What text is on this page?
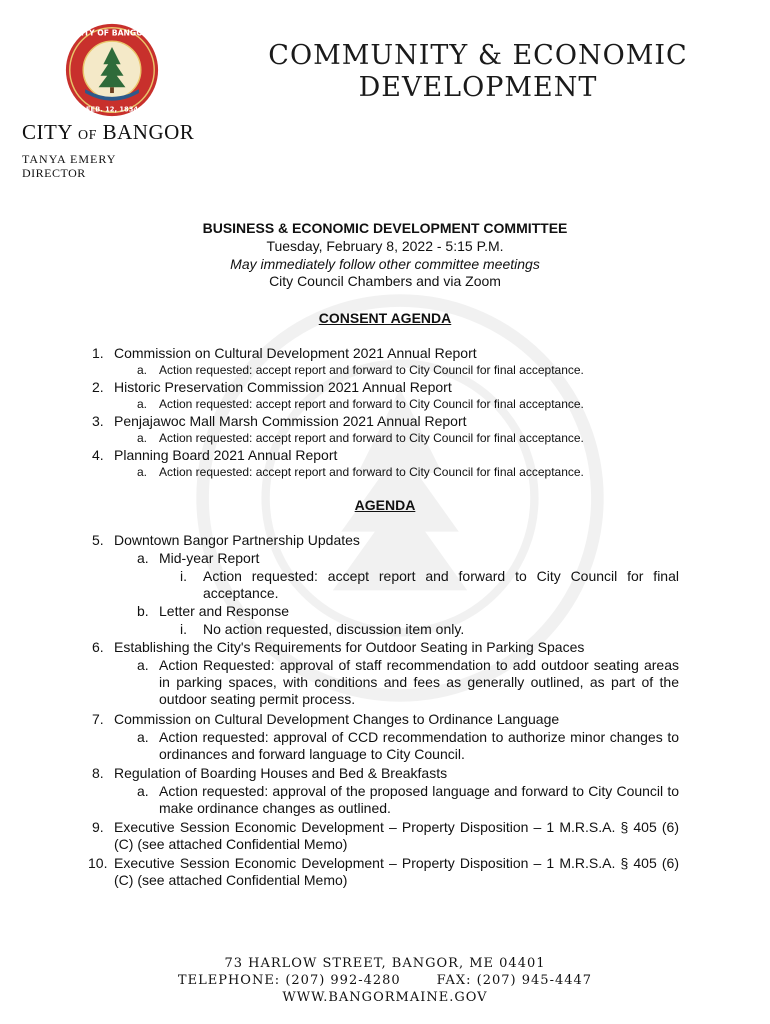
CITY OF BANGOR
FEB. 12, 1834
COMMUNITY & ECONOMIC DEVELOPMENT
CITY OF BANGOR
TANYA EMERY
DIRECTOR
BUSINESS & ECONOMIC DEVELOPMENT COMMITTEE
Tuesday, February 8, 2022 - 5:15 P.M.
May immediately follow other committee meetings
City Council Chambers and via Zoom
CONSENT AGENDA
1. Commission on Cultural Development 2021 Annual Report
a. Action requested: accept report and forward to City Council for final acceptance.
2. Historic Preservation Commission 2021 Annual Report
a. Action requested: accept report and forward to City Council for final acceptance.
3. Penjajawoc Mall Marsh Commission 2021 Annual Report
a. Action requested: accept report and forward to City Council for final acceptance.
4. Planning Board 2021 Annual Report
a. Action requested: accept report and forward to City Council for final acceptance.
AGENDA
5. Downtown Bangor Partnership Updates
a. Mid-year Report
i. Action requested: accept report and forward to City Council for final acceptance.
b. Letter and Response
i. No action requested, discussion item only.
6. Establishing the City's Requirements for Outdoor Seating in Parking Spaces
a. Action Requested: approval of staff recommendation to add outdoor seating areas in parking spaces, with conditions and fees as generally outlined, as part of the outdoor seating permit process.
7. Commission on Cultural Development Changes to Ordinance Language
a. Action requested: approval of CCD recommendation to authorize minor changes to ordinances and forward language to City Council.
8. Regulation of Boarding Houses and Bed & Breakfasts
a. Action requested: approval of the proposed language and forward to City Council to make ordinance changes as outlined.
9. Executive Session Economic Development – Property Disposition – 1 M.R.S.A. § 405 (6) (C) (see attached Confidential Memo)
10. Executive Session Economic Development – Property Disposition – 1 M.R.S.A. § 405 (6) (C) (see attached Confidential Memo)
73 HARLOW STREET, BANGOR, ME 04401
TELEPHONE: (207) 992-4280       FAX: (207) 945-4447
WWW.BANGORMAINE.GOV
